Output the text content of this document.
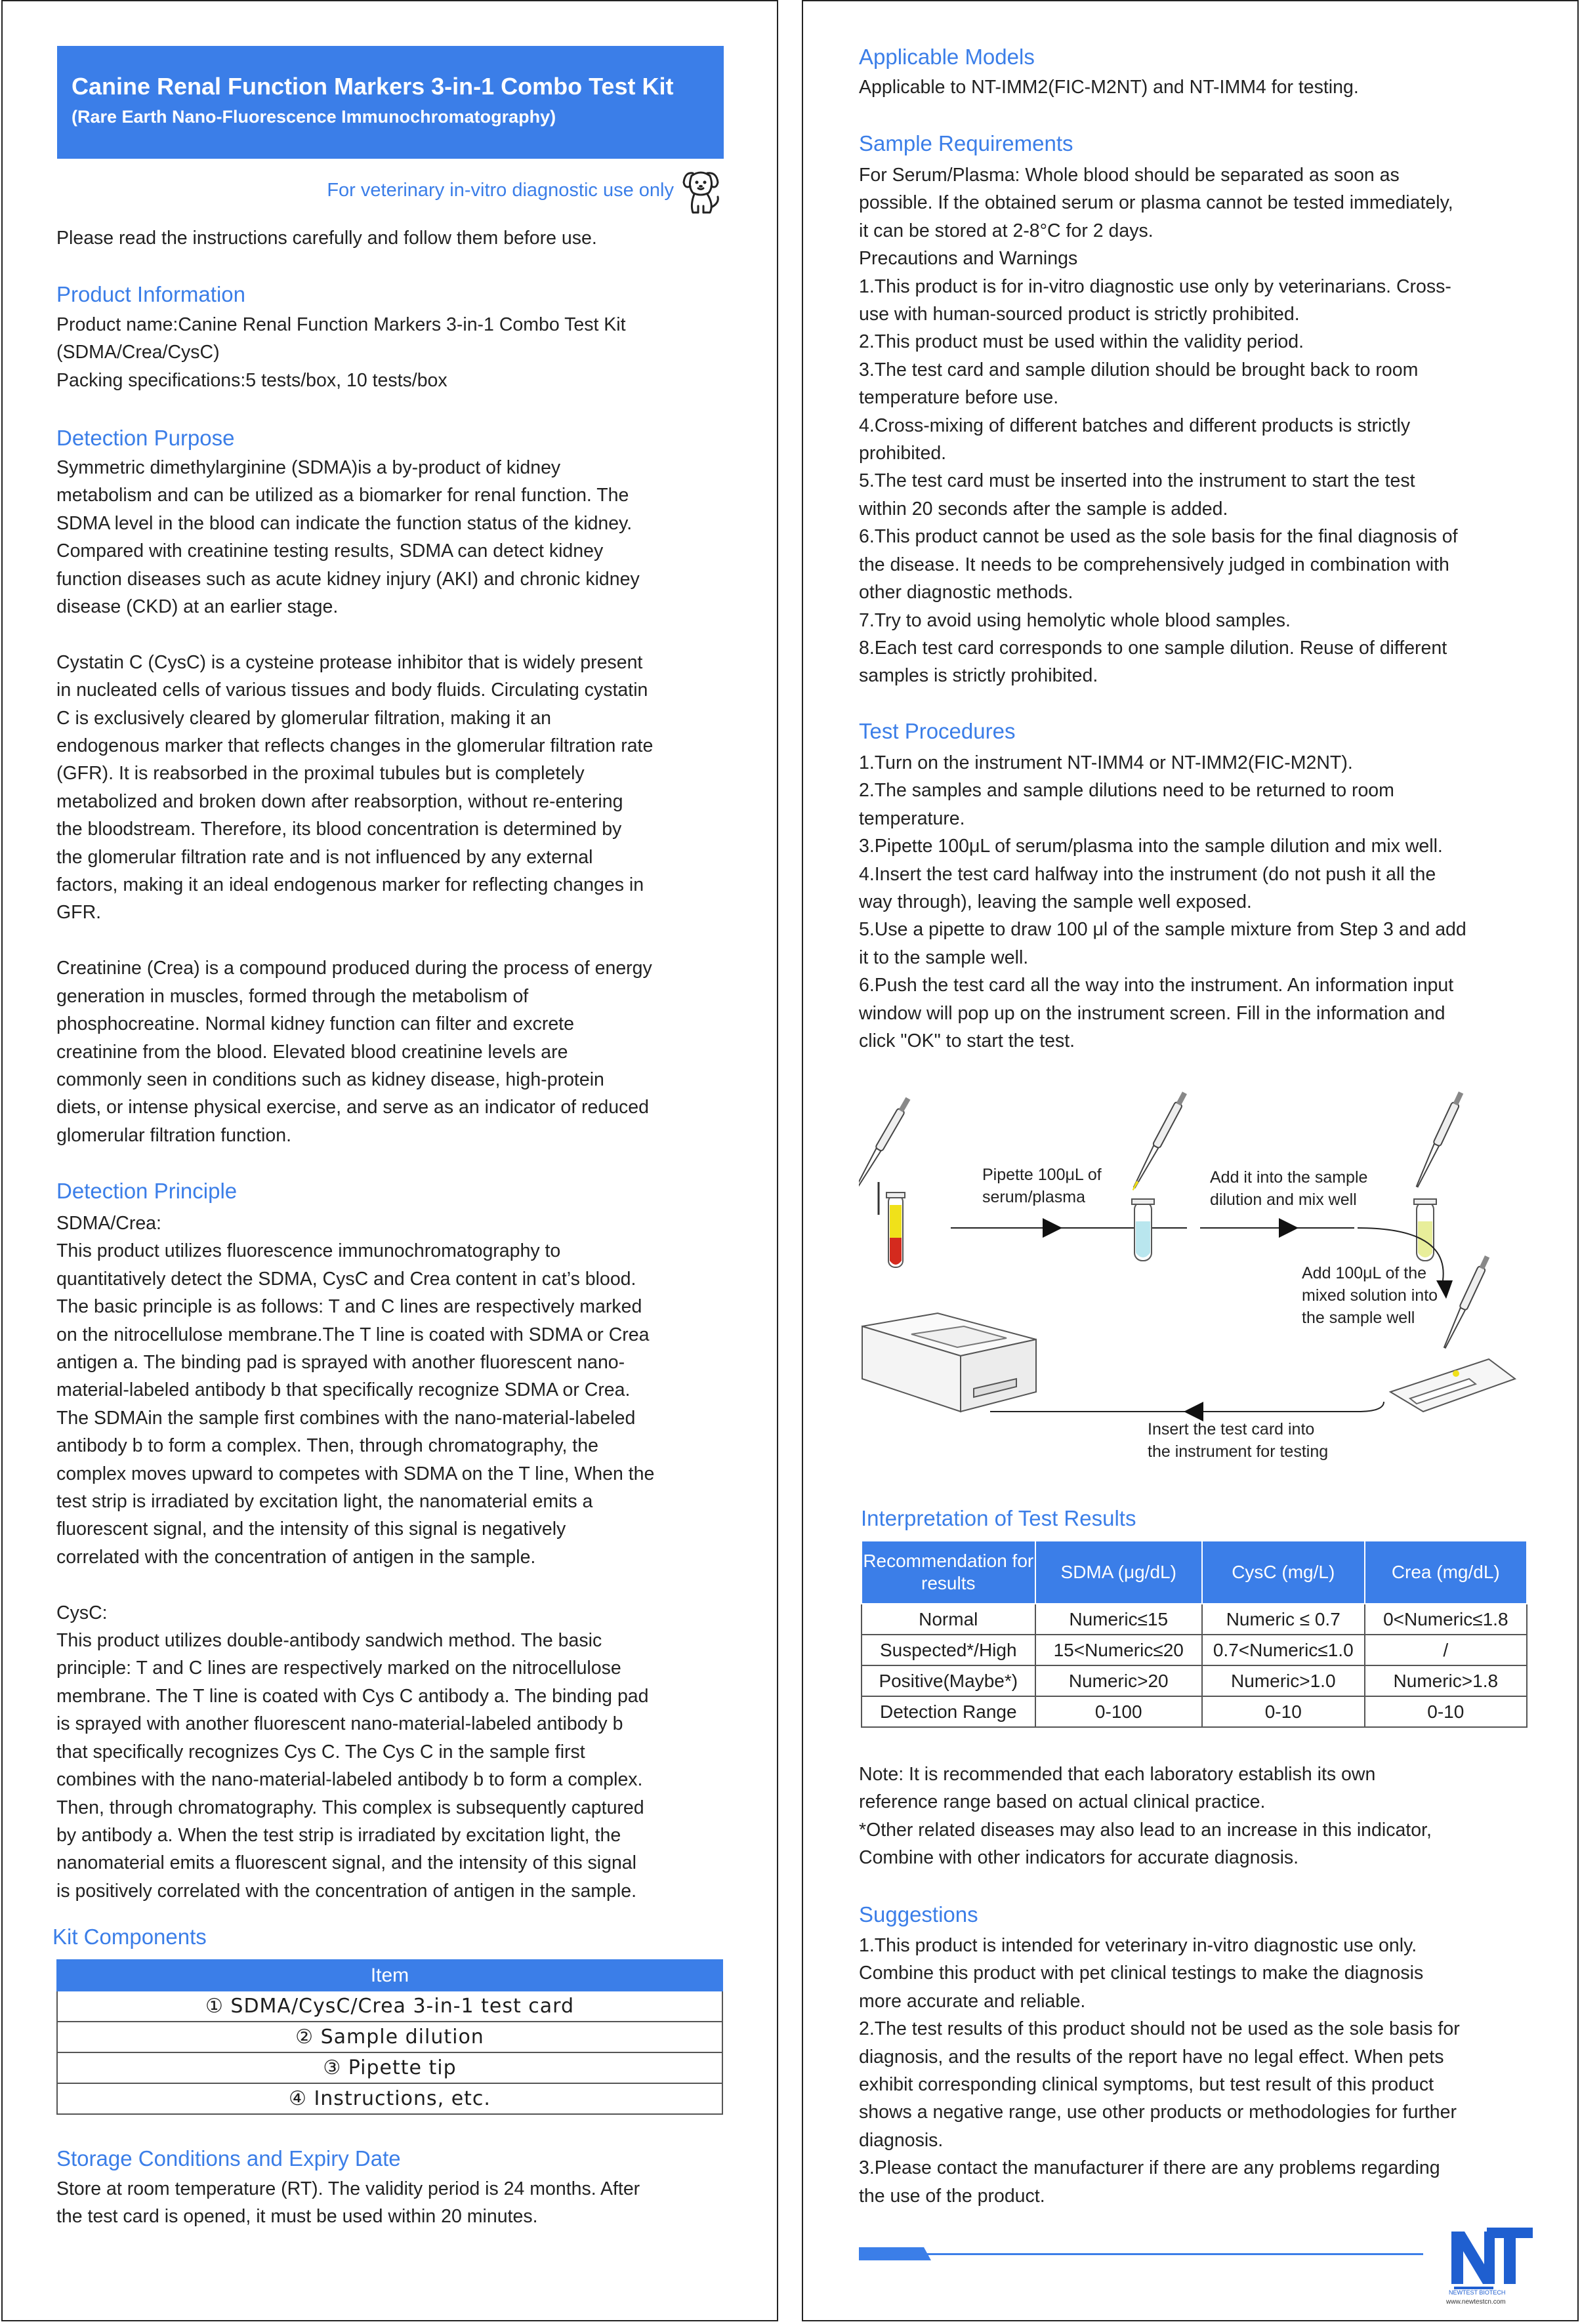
Canine Renal Function Markers 3-in-1 Combo Test Kit
(Rare Earth Nano-Fluorescence Immunochromatography)
For veterinary in-vitro diagnostic use only

Please read the instructions carefully and follow them before use.

Product Information

Product name:Canine Renal Function Markers 3-in-1 Combo Test Kit

(SDMA/Crea/CysC)

Packing specifications:5 tests/box, 10 tests/box

Detection Purpose

Symmetric dimethylarginine (SDMA)is a by-product of kidney

metabolism and can be utilized as a biomarker for renal function. The

SDMA level in the blood can indicate the function status of the kidney.

Compared with creatinine testing results, SDMA can detect kidney

function diseases such as acute kidney injury (AKI) and chronic kidney

disease (CKD) at an earlier stage.

Cystatin C (CysC) is a cysteine protease inhibitor that is widely present

in nucleated cells of various tissues and body fluids. Circulating cystatin

C is exclusively cleared by glomerular filtration, making it an

endogenous marker that reflects changes in the glomerular filtration rate

(GFR). It is reabsorbed in the proximal tubules but is completely

metabolized and broken down after reabsorption, without re-entering

the bloodstream. Therefore, its blood concentration is determined by

the glomerular filtration rate and is not influenced by any external

factors, making it an ideal endogenous marker for reflecting changes in

GFR.

Creatinine (Crea) is a compound produced during the process of energy

generation in muscles, formed through the metabolism of

phosphocreatine. Normal kidney function can filter and excrete

creatinine from the blood. Elevated blood creatinine levels are

commonly seen in conditions such as kidney disease, high-protein

diets, or intense physical exercise, and serve as an indicator of reduced

glomerular filtration function.

Detection Principle

SDMA/Crea:

This product utilizes fluorescence immunochromatography to

quantitatively detect the SDMA, CysC and Crea content in cat’s blood.

The basic principle is as follows: T and C lines are respectively marked

on the nitrocellulose membrane.The T line is coated with SDMA or Crea

antigen a. The binding pad is sprayed with another fluorescent nano-

material-labeled antibody b that specifically recognize SDMA or Crea.

The SDMAin the sample first combines with the nano-material-labeled

antibody b to form a complex. Then, through chromatography, the

complex moves upward to competes with SDMA on the T line, When the

test strip is irradiated by excitation light, the nanomaterial emits a

fluorescent signal, and the intensity of this signal is negatively

correlated with the concentration of antigen in the sample.

CysC:

This product utilizes double-antibody sandwich method. The basic

principle: T and C lines are respectively marked on the nitrocellulose

membrane. The T line is coated with Cys C antibody a. The binding pad

is sprayed with another fluorescent nano-material-labeled antibody b

that specifically recognizes Cys C. The Cys C in the sample first

combines with the nano-material-labeled antibody b to form a complex.

Then, through chromatography. This complex is subsequently captured

by antibody a. When the test strip is irradiated by excitation light, the

nanomaterial emits a fluorescent signal, and the intensity of this signal

is positively correlated with the concentration of antigen in the sample.

Kit Components
Item
① SDMA/CysC/Crea 3-in-1 test card
② Sample dilution
③ Pipette tip
④ Instructions, etc.
Storage Conditions and Expiry Date

Store at room temperature (RT). The validity period is 24 months. After

the test card is opened, it must be used within 20 minutes.

Applicable Models

Applicable to NT-IMM2(FIC-M2NT) and NT-IMM4 for testing.

Sample Requirements

For Serum/Plasma: Whole blood should be separated as soon as

possible. If the obtained serum or plasma cannot be tested immediately,

it can be stored at 2-8°C for 2 days.

Precautions and Warnings

1.This product is for in-vitro diagnostic use only by veterinarians. Cross-

use with human-sourced product is strictly prohibited.

2.This product must be used within the validity period.

3.The test card and sample dilution should be brought back to room

temperature before use.

4.Cross-mixing of different batches and different products is strictly

prohibited.

5.The test card must be inserted into the instrument to start the test

within 20 seconds after the sample is added.

6.This product cannot be used as the sole basis for the final diagnosis of

the disease. It needs to be comprehensively judged in combination with

other diagnostic methods.

7.Try to avoid using hemolytic whole blood samples.

8.Each test card corresponds to one sample dilution. Reuse of different

samples is strictly prohibited.

Test Procedures

1.Turn on the instrument NT-IMM4 or NT-IMM2(FIC-M2NT).

2.The samples and sample dilutions need to be returned to room

temperature.

3.Pipette 100μL of serum/plasma into the sample dilution and mix well.

4.Insert the test card halfway into the instrument (do not push it all the

way through), leaving the sample well exposed.

5.Use a pipette to draw 100 μl of the sample mixture from Step 3 and add

it to the sample well.

6.Push the test card all the way into the instrument. An information input

window will pop up on the instrument screen. Fill in the information and

click "OK" to start the test.

Pipette 100μL of
serum/plasma
Add it into the sample
dilution and mix well
Add 100μL of the
mixed solution into
the sample well
Insert the test card into
the instrument for testing
Interpretation of Test Results
Recommendation for results	SDMA (μg/dL)	CysC (mg/L)	Crea (mg/dL)
Normal	Numeric≤15	Numeric ≤ 0.7	0<Numeric≤1.8
Suspected*/High	15<Numeric≤20	0.7<Numeric≤1.0	/
Positive(Maybe*)	Numeric>20	Numeric>1.0	Numeric>1.8
Detection Range	0-100	0-10	0-10

Note: It is recommended that each laboratory establish its own

reference range based on actual clinical practice.

*Other related diseases may also lead to an increase in this indicator,

Combine with other indicators for accurate diagnosis.

Suggestions

1.This product is intended for veterinary in-vitro diagnostic use only.

Combine this product with pet clinical testings to make the diagnosis

more accurate and reliable.

2.The test results of this product should not be used as the sole basis for

diagnosis, and the results of the report have no legal effect. When pets

exhibit corresponding clinical symptoms, but test result of this product

shows a negative range, use other products or methodologies for further

diagnosis.

3.Please contact the manufacturer if there are any problems regarding

the use of the product.

NEWTEST BIOTECH
www.newtestcn.com
